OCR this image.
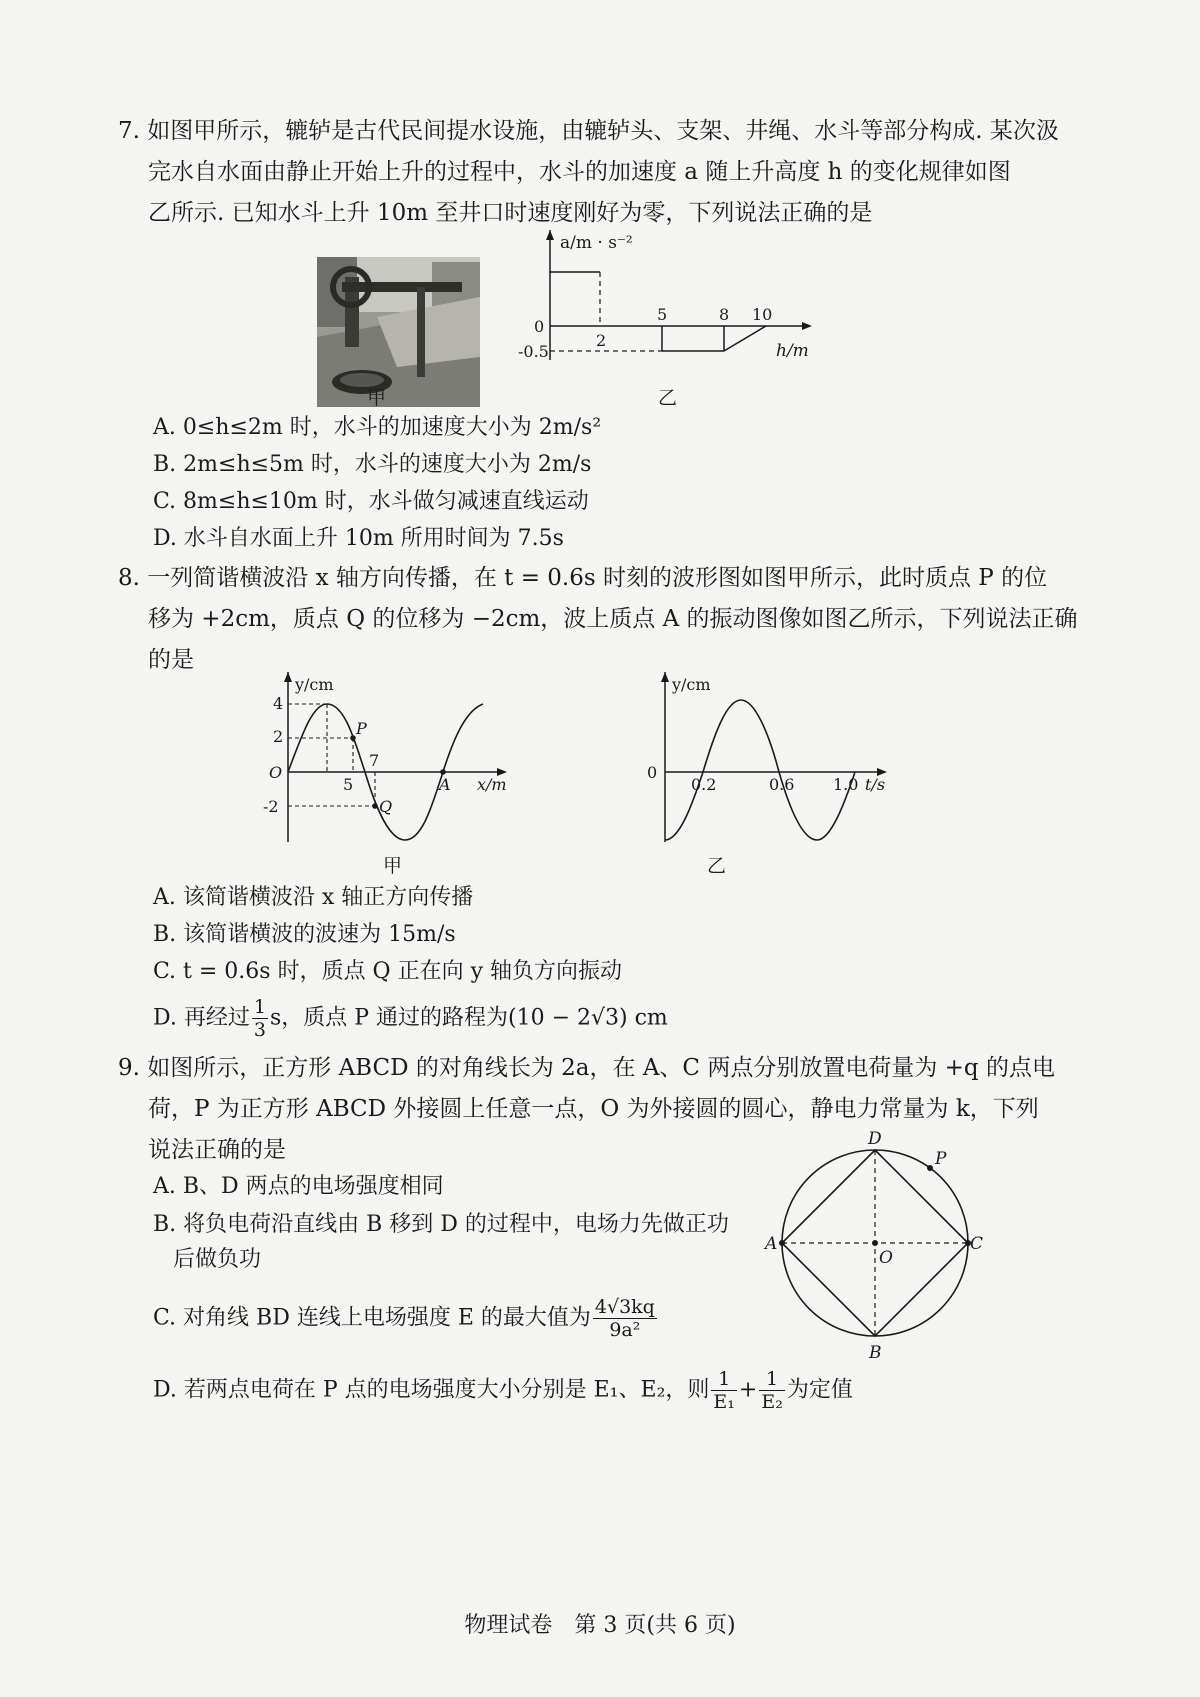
7. 如图甲所示，辘轳是古代民间提水设施，由辘轳头、支架、井绳、水斗等部分构成. 某次汲
完水自水面由静止开始上升的过程中，水斗的加速度 a 随上升高度 h 的变化规律如图
乙所示. 已知水斗上升 10m 至井口时速度刚好为零，下列说法正确的是
甲
a/m · s⁻²
h/m
0
-0.5
2
5	8 10
乙
A. 0≤h≤2m 时，水斗的加速度大小为 2m/s²
B. 2m≤h≤5m 时，水斗的速度大小为 2m/s
C. 8m≤h≤10m 时，水斗做匀减速直线运动
D. 水斗自水面上升 10m 所用时间为 7.5s
8. 一列简谐横波沿 x 轴方向传播，在 t = 0.6s 时刻的波形图如图甲所示，此时质点 P 的位
移为 +2cm，质点 Q 的位移为 −2cm，波上质点 A 的振动图像如图乙所示，下列说法正确
的是
y/cm
x/m
O
4
2
-2
P
Q
A
5
7
甲
y/cm
t/s
0
0.2	0.6 1.0
乙
A. 该简谐横波沿 x 轴正方向传播
B. 该简谐横波的波速为 15m/s
C. t = 0.6s 时，质点 Q 正在向 y 轴负方向振动
D. 再经过 $\frac{1}{3}$ s，质点 P 通过的路程为(10 − 2√3) cm
9. 如图所示，正方形 ABCD 的对角线长为 2a，在 A、C 两点分别放置电荷量为 +q 的点电
荷，P 为正方形 ABCD 外接圆上任意一点，O 为外接圆的圆心，静电力常量为 k，下列
说法正确的是
A. B、D 两点的电场强度相同
B. 将负电荷沿直线由 B 移到 D 的过程中，电场力先做正功
后做负功
C. 对角线 BD 连线上电场强度 E 的最大值为 $\frac{4√3kq}{\text{9a²}}$
D. 若两点电荷在 P 点的电场强度大小分别是 E₁、E₂，则 $\frac{1}{\text{E₁}} + \frac{1}{\text{E₂}}$ 为定值
D
P
A	C
O
B
物理试卷　第 3 页(共 6 页)
